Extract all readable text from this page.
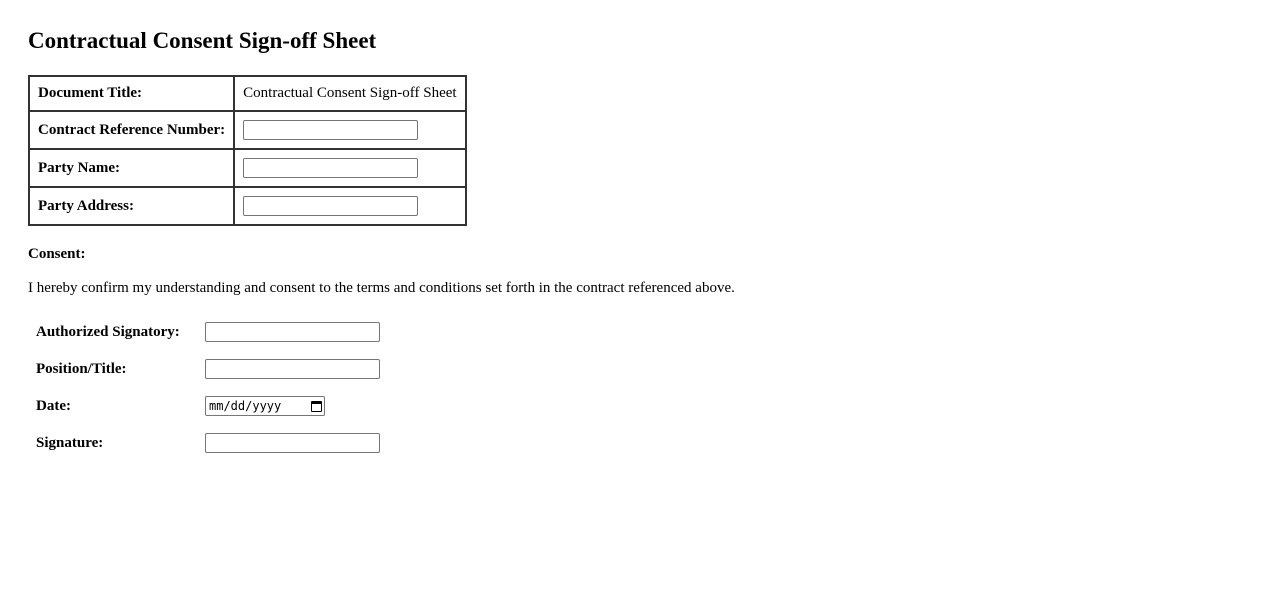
Contractual Consent Sign-off Sheet
Document Title:	Contractual Consent Sign-off Sheet
Contract Reference Number:	
Party Name:	
Party Address:	
Consent:
I hereby confirm my understanding and consent to the terms and conditions set forth in the contract referenced above.
Authorized Signatory:
Position/Title:
Date:	mm/dd/yyyy
Signature:
